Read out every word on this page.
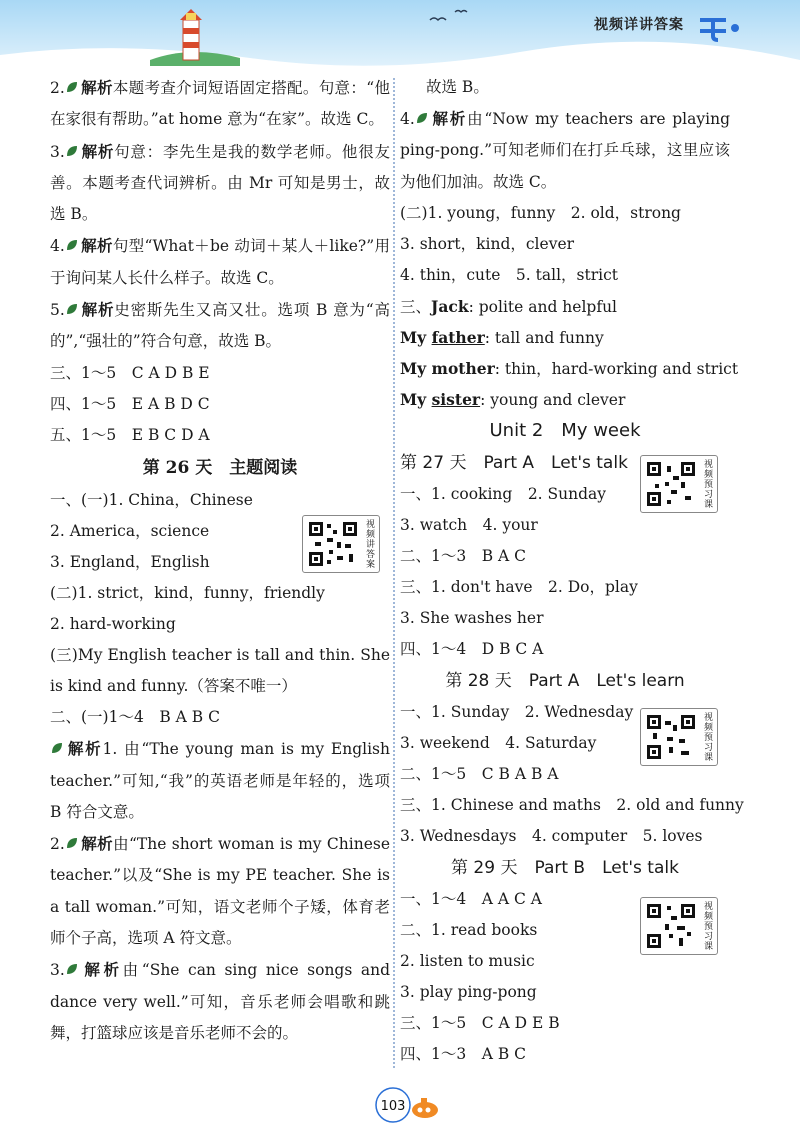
视频详讲答案
2. 解析本题考查介词短语固定搭配。句意：“他在家很有帮助。”at home 意为“在家”。故选 C。
3. 解析句意：李先生是我的数学老师。他很友善。本题考查代词辨析。由 Mr 可知是男士，故选 B。
4. 解析句型“What＋be 动词＋某人＋like?”用于询问某人长什么样子。故选 C。
5. 解析史密斯先生又高又壮。选项 B 意为“高的”,“强壮的”符合句意，故选 B。
三、1～5　C A D B E
四、1～5　E A B D C
五、1～5　E B C D A
第 26 天　主题阅读
一、(一)1. China，Chinese
2. America，science
3. England，English
(二)1. strict，kind，funny，friendly
2. hard-working
(三)My English teacher is tall and thin. She is kind and funny.（答案不唯一）
二、(一)1～4　B A B C
解析1. 由“The young man is my English teacher.”可知,“我”的英语老师是年轻的，选项 B 符合文意。
2. 解析由“The short woman is my Chinese teacher.”以及“She is my PE teacher. She is a tall woman.”可知，语文老师个子矮，体育老师个子高，选项 A 符文意。
3. 解析由“She can sing nice songs and dance very well.”可知，音乐老师会唱歌和跳舞，打篮球应该是音乐老师不会的。
视频讲答案
故选 B。
4. 解析由“Now my teachers are playing ping-pong.”可知老师们在打乒乓球，这里应该为他们加油。故选 C。
(二)1. young，funny　2. old，strong
3. short，kind，clever
4. thin，cute　5. tall，strict
三、Jack: polite and helpful
My father: tall and funny
My mother: thin，hard-working and strict
My sister: young and clever
Unit 2　My week
第 27 天　Part A　Let's talk
一、1. cooking　2. Sunday
3. watch　4. your
二、1～3　B A C
三、1. don't have　2. Do，play
3. She washes her
四、1～4　D B C A
第 28 天　Part A　Let's learn
一、1. Sunday　2. Wednesday
3. weekend　4. Saturday
二、1～5　C B A B A
三、1. Chinese and maths　2. old and funny
3. Wednesdays　4. computer　5. loves
第 29 天　Part B　Let's talk
一、1～4　A A C A
二、1. read books
2. listen to music
3. play ping-pong
三、1～5　C A D E B
四、1～3　A B C
视频预习课
视频预习课
视频预习课
103
